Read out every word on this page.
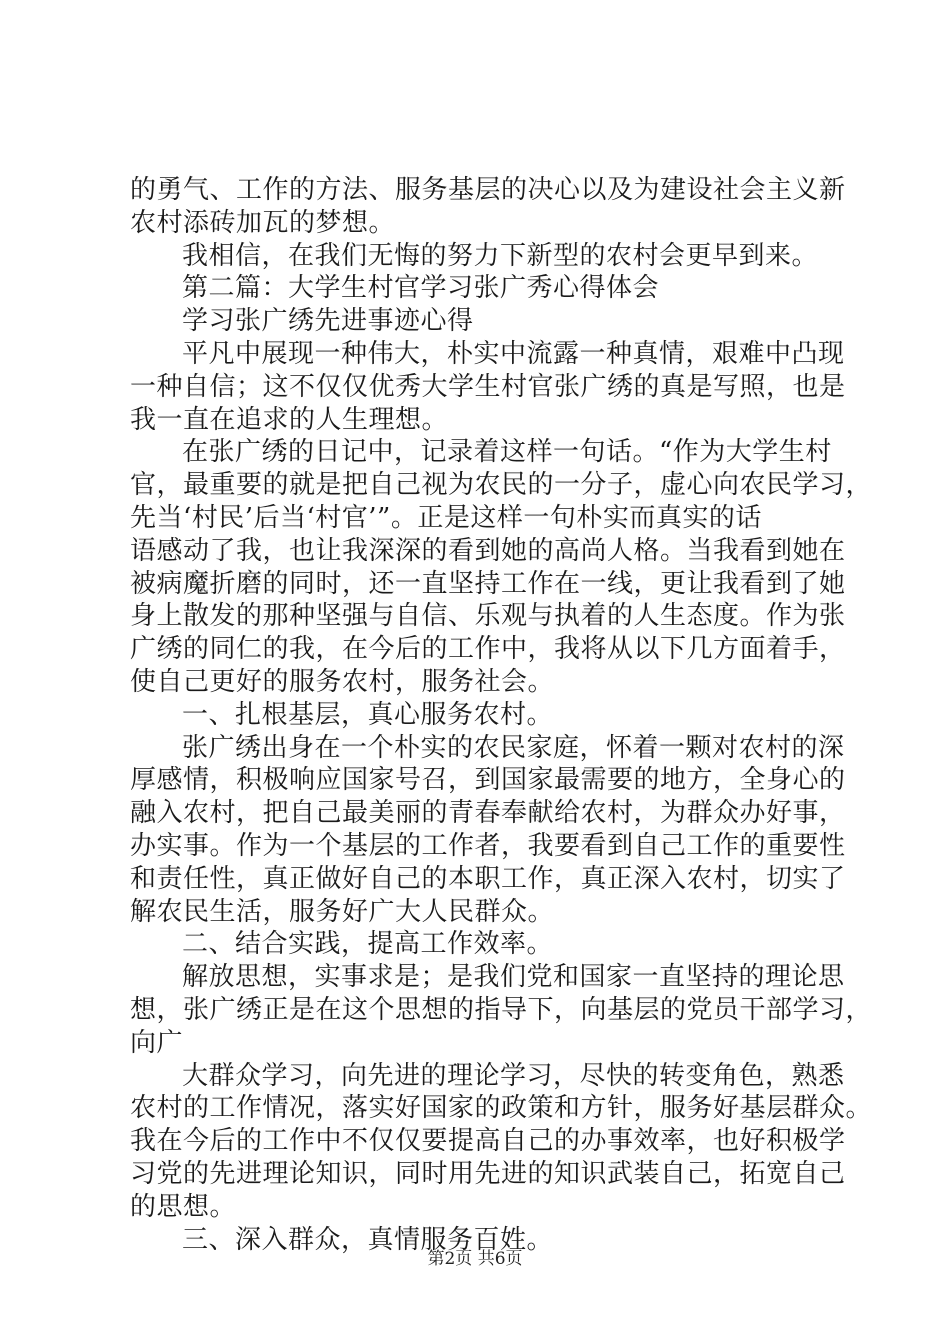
的勇气、工作的方法、服务基层的决心以及为建设社会主义新
农村添砖加瓦的梦想。
我相信，在我们无悔的努力下新型的农村会更早到来。
第二篇：大学生村官学习张广秀心得体会
学习张广绣先进事迹心得
平凡中展现一种伟大，朴实中流露一种真情，艰难中凸现
一种自信；这不仅仅优秀大学生村官张广绣的真是写照，也是
我一直在追求的人生理想。
在张广绣的日记中，记录着这样一句话。“作为大学生村
官，最重要的就是把自己视为农民的一分子，虚心向农民学习，
先当‘村民’后当‘村官’”。正是这样一句朴实而真实的话
语感动了我，也让我深深的看到她的高尚人格。当我看到她在
被病魔折磨的同时，还一直坚持工作在一线，更让我看到了她
身上散发的那种坚强与自信、乐观与执着的人生态度。作为张
广绣的同仁的我，在今后的工作中，我将从以下几方面着手，
使自己更好的服务农村，服务社会。
一、扎根基层，真心服务农村。
张广绣出身在一个朴实的农民家庭，怀着一颗对农村的深
厚感情，积极响应国家号召，到国家最需要的地方，全身心的
融入农村，把自己最美丽的青春奉献给农村，为群众办好事，
办实事。作为一个基层的工作者，我要看到自己工作的重要性
和责任性，真正做好自己的本职工作，真正深入农村，切实了
解农民生活，服务好广大人民群众。
二、结合实践，提高工作效率。
解放思想，实事求是；是我们党和国家一直坚持的理论思
想，张广绣正是在这个思想的指导下，向基层的党员干部学习，
向广
大群众学习，向先进的理论学习，尽快的转变角色，熟悉
农村的工作情况，落实好国家的政策和方针，服务好基层群众。
我在今后的工作中不仅仅要提高自己的办事效率，也好积极学
习党的先进理论知识，同时用先进的知识武装自己，拓宽自己
的思想。
三、深入群众，真情服务百姓。
第2页 共6页
